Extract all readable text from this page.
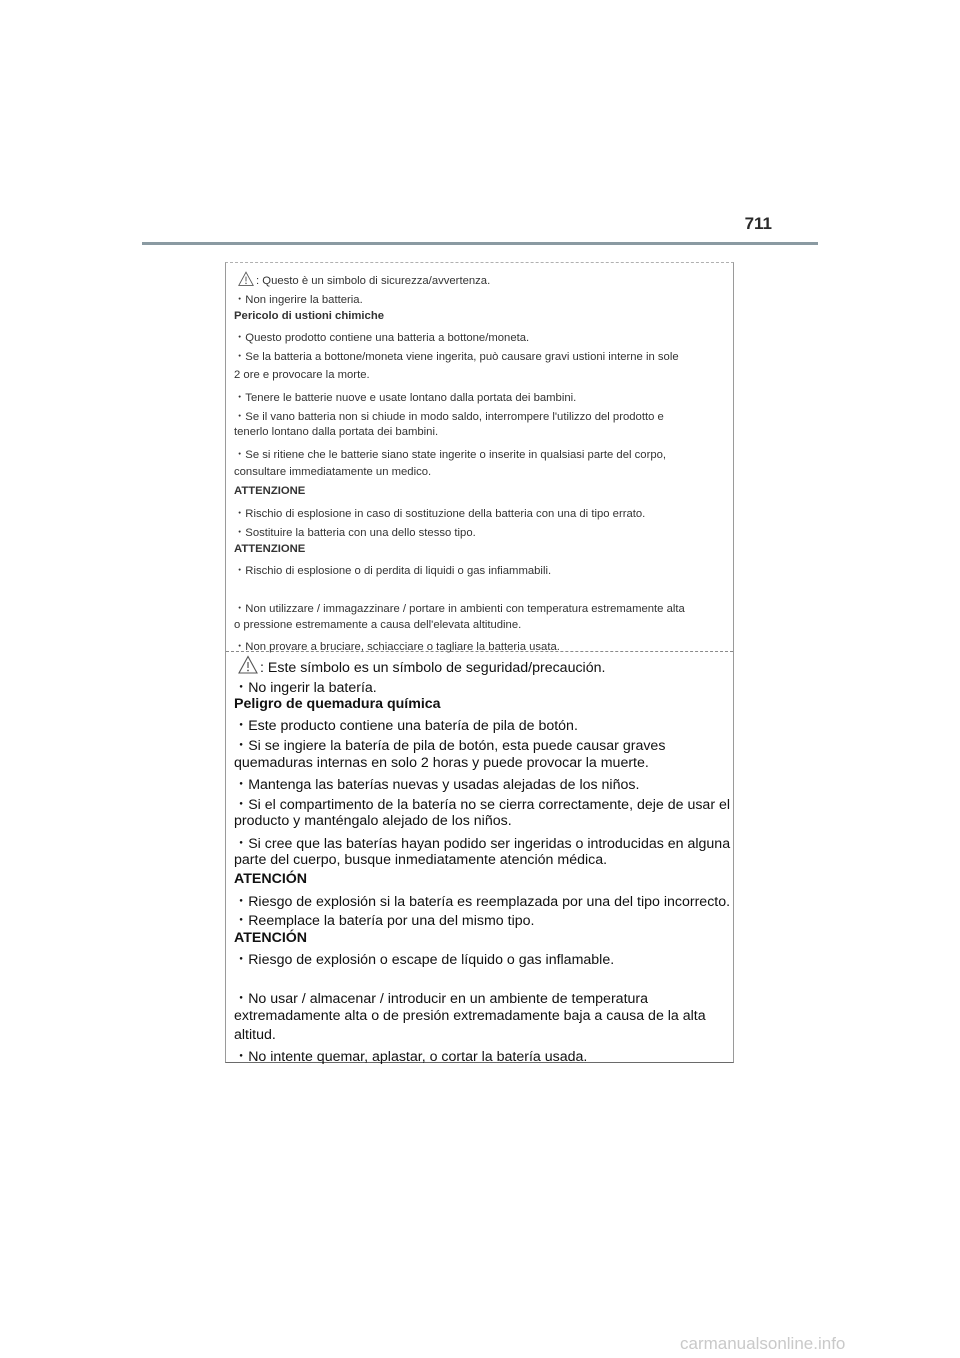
711
: Questo è un simbolo di sicurezza/avvertenza.
・Non ingerire la batteria.
Pericolo di ustioni chimiche
・Questo prodotto contiene una batteria a bottone/moneta.
・Se la batteria a bottone/moneta viene ingerita, può causare gravi ustioni interne in sole
2 ore e provocare la morte.
・Tenere le batterie nuove e usate lontano dalla portata dei bambini.
・Se il vano batteria non si chiude in modo saldo, interrompere l'utilizzo del prodotto e
tenerlo lontano dalla portata dei bambini.
・Se si ritiene che le batterie siano state ingerite o inserite in qualsiasi parte del corpo,
consultare immediatamente un medico.
ATTENZIONE
・Rischio di esplosione in caso di sostituzione della batteria con una di tipo errato.
・Sostituire la batteria con una dello stesso tipo.
ATTENZIONE
・Rischio di esplosione o di perdita di liquidi o gas infiammabili.
・Non utilizzare / immagazzinare / portare in ambienti con temperatura estremamente alta
o pressione estremamente a causa dell'elevata altitudine.
・Non provare a bruciare, schiacciare o tagliare la batteria usata.
: Este símbolo es un símbolo de seguridad/precaución.
・No ingerir la batería.
Peligro de quemadura química
・Este producto contiene una batería de pila de botón.
・Si se ingiere la batería de pila de botón, esta puede causar graves
quemaduras internas en solo 2 horas y puede provocar la muerte.
・Mantenga las baterías nuevas y usadas alejadas de los niños.
・Si el compartimento de la batería no se cierra correctamente, deje de usar el
producto y manténgalo alejado de los niños.
・Si cree que las baterías hayan podido ser ingeridas o introducidas en alguna
parte del cuerpo, busque inmediatamente atención médica.
ATENCIÓN
・Riesgo de explosión si la batería es reemplazada por una del tipo incorrecto.
・Reemplace la batería por una del mismo tipo.
ATENCIÓN
・Riesgo de explosión o escape de líquido o gas inflamable.
・No usar / almacenar / introducir en un ambiente de temperatura
extremadamente alta o de presión extremadamente baja a causa de la alta
altitud.
・No intente quemar, aplastar, o cortar la batería usada.
carmanualsonline.info
